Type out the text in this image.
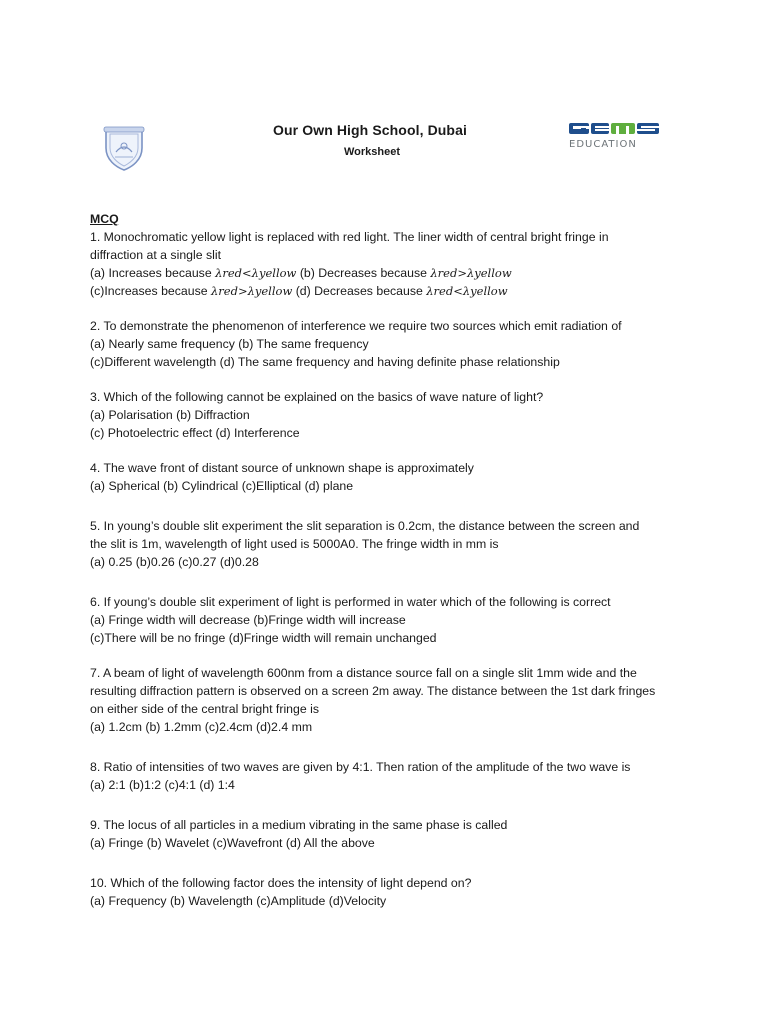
Our Own High School, Dubai
Worksheet
EDUCATION
MCQ
1. Monochromatic yellow light is replaced with red light. The liner width of central bright fringe in
diffraction at a single slit
(a) Increases because λred<λyellow (b) Decreases because λred>λyellow
(c)Increases because λred>λyellow (d) Decreases because λred<λyellow
2. To demonstrate the phenomenon of interference we require two sources which emit radiation of
(a) Nearly same frequency (b) The same frequency
(c)Different wavelength (d) The same frequency and having definite phase relationship
3. Which of the following cannot be explained on the basics of wave nature of light?
(a) Polarisation (b) Diffraction
(c) Photoelectric effect (d) Interference
4. The wave front of distant source of unknown shape is approximately
(a) Spherical (b) Cylindrical (c)Elliptical (d) plane
5. In young’s double slit experiment the slit separation is 0.2cm, the distance between the screen and
the slit is 1m, wavelength of light used is 5000A0. The fringe width in mm is
(a) 0.25 (b)0.26 (c)0.27 (d)0.28
6. If young’s double slit experiment of light is performed in water which of the following is correct
(a) Fringe width will decrease (b)Fringe width will increase
(c)There will be no fringe (d)Fringe width will remain unchanged
7. A beam of light of wavelength 600nm from a distance source fall on a single slit 1mm wide and the
resulting diffraction pattern is observed on a screen 2m away. The distance between the 1st dark fringes
on either side of the central bright fringe is
(a) 1.2cm (b) 1.2mm (c)2.4cm (d)2.4 mm
8. Ratio of intensities of two waves are given by 4:1. Then ration of the amplitude of the two wave is
(a) 2:1 (b)1:2 (c)4:1 (d) 1:4
9. The locus of all particles in a medium vibrating in the same phase is called
(a) Fringe (b) Wavelet (c)Wavefront (d) All the above
10. Which of the following factor does the intensity of light depend on?
(a) Frequency (b) Wavelength (c)Amplitude (d)Velocity
